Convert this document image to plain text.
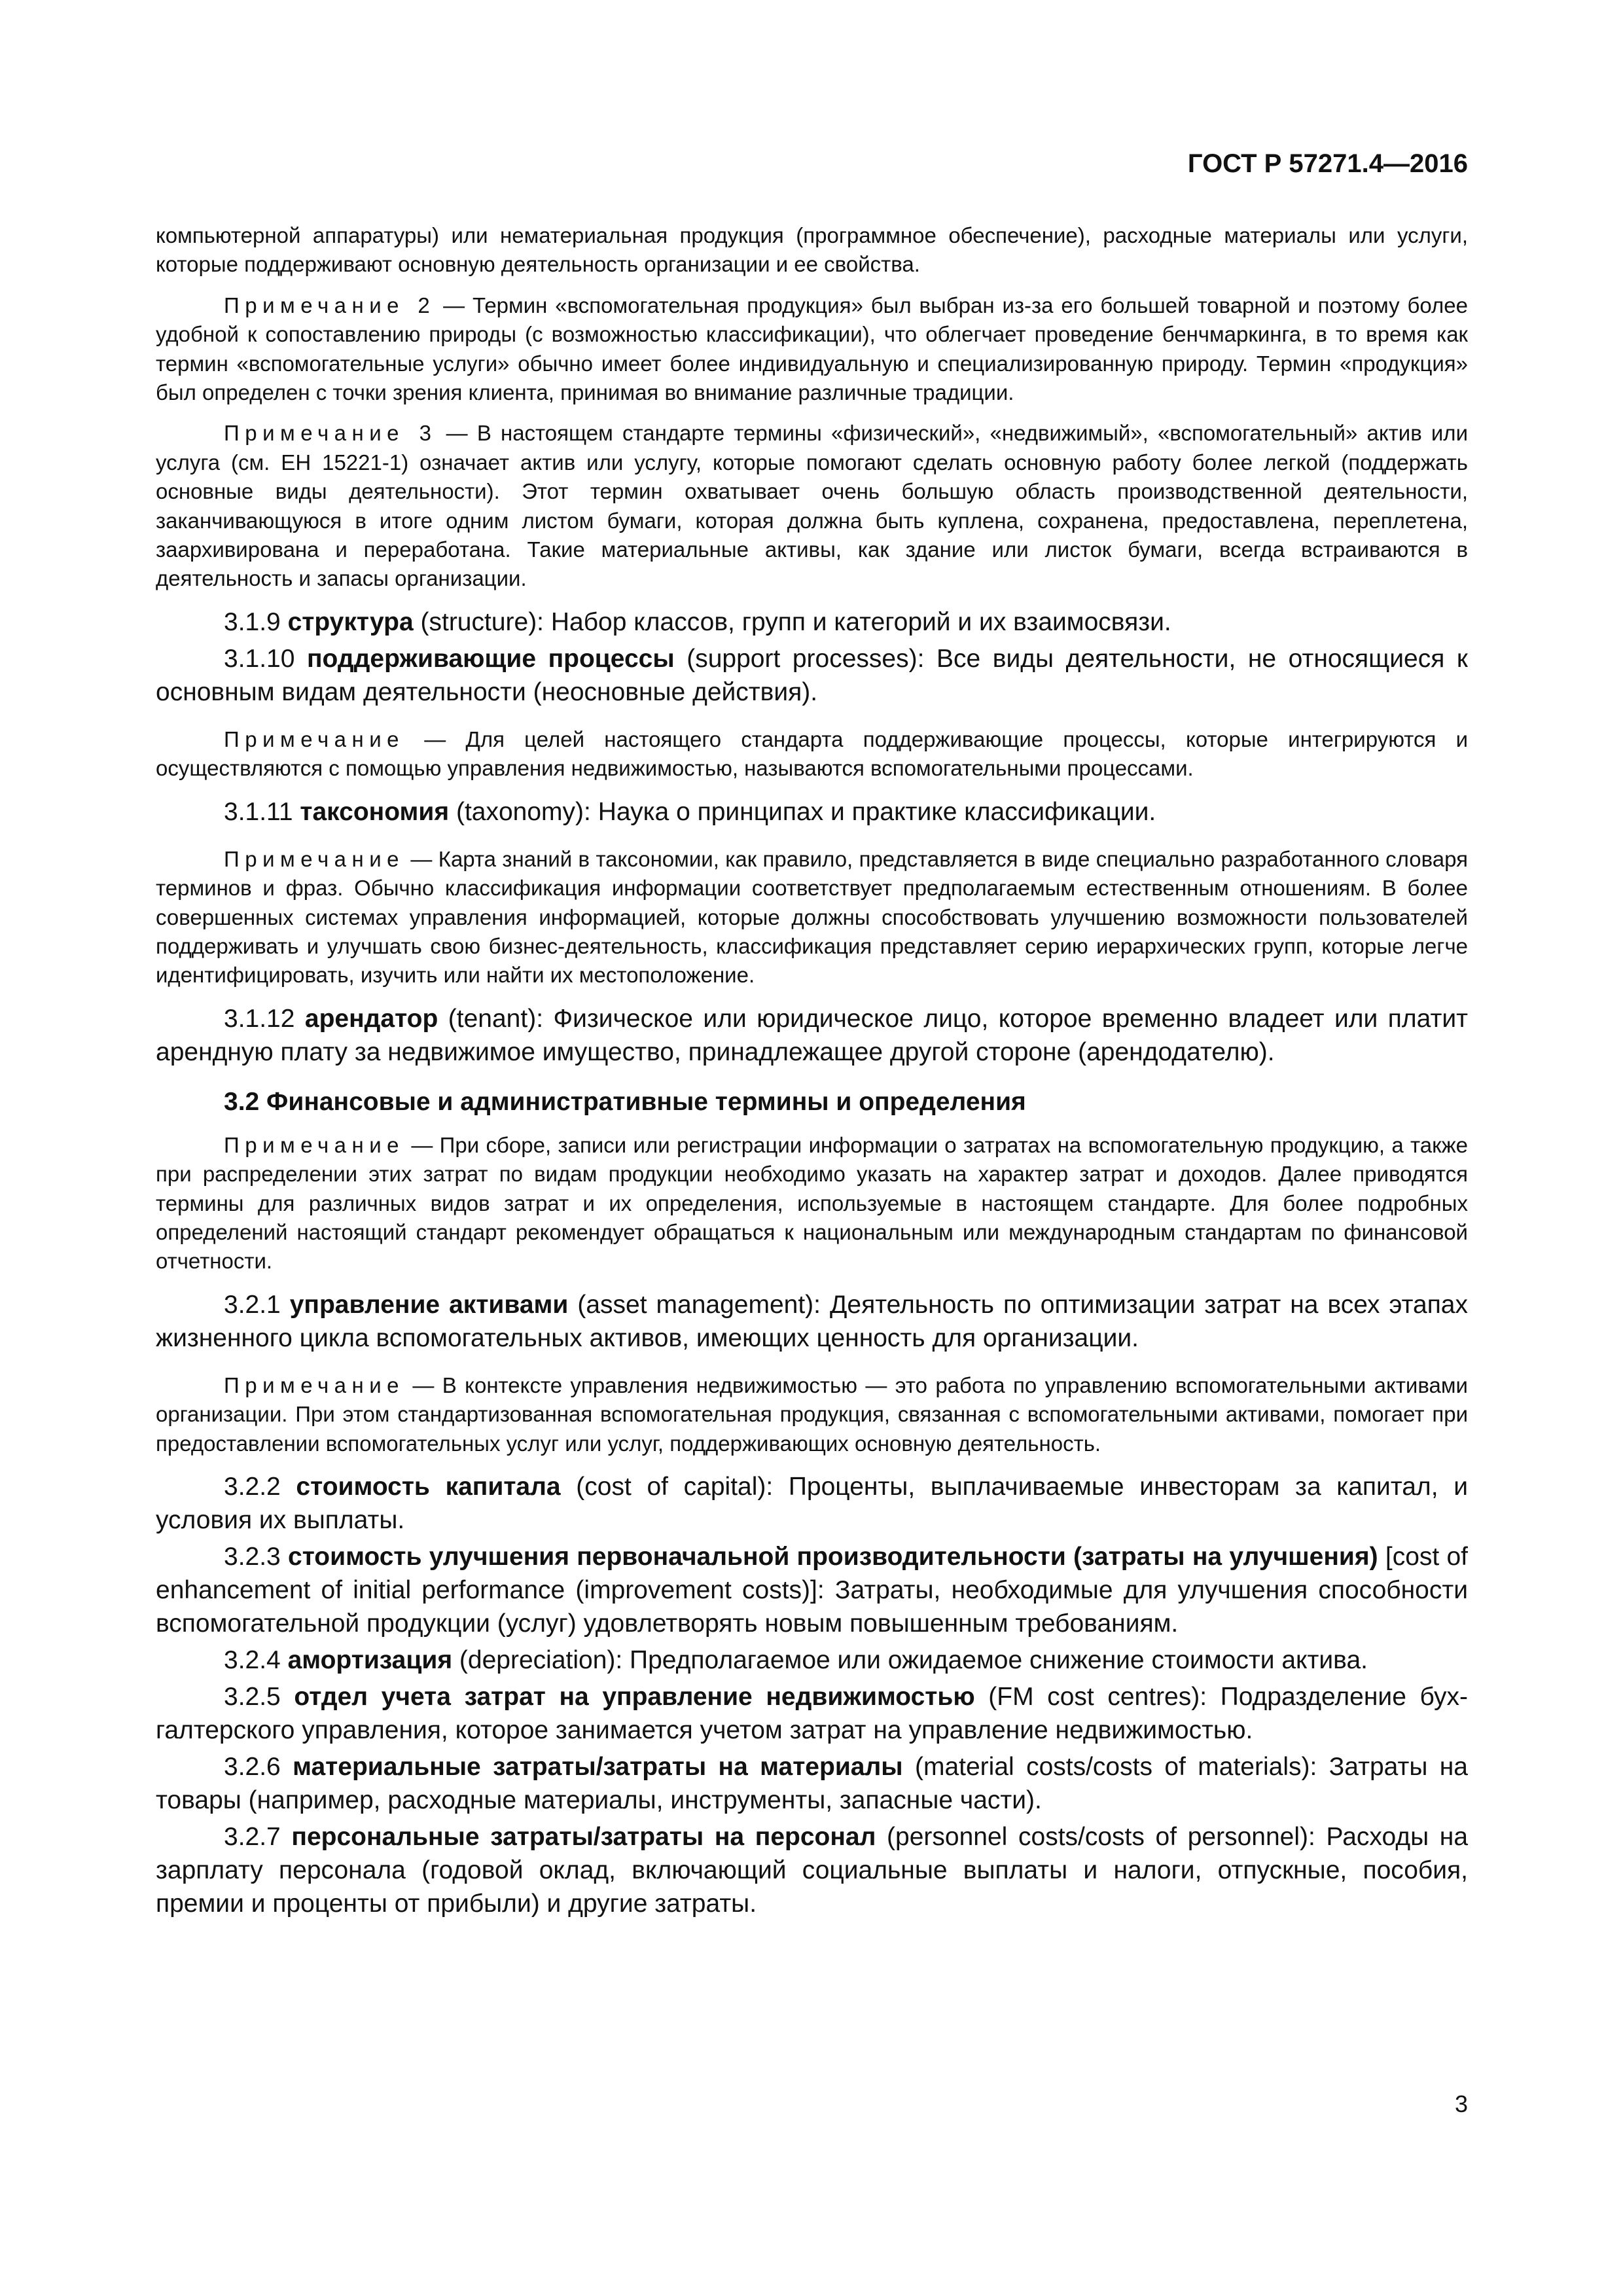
ГОСТ Р 57271.4—2016

компьютерной аппаратуры) или нематериальная продукция (программное обеспечение), расходные материалы или услуги, которые поддерживают основную деятельность организации и ее свойства.

Примечание 2 — Термин «вспомогательная продукция» был выбран из-за его большей товарной и поэтому более удобной к сопоставлению природы (с возможностью классификации), что облегчает проведение бенчмаркинга, в то время как термин «вспомогательные услуги» обычно имеет более индивидуальную и специализированную природу. Термин «продукция» был определен с точки зрения клиента, принимая во внимание различные традиции.

Примечание 3 — В настоящем стандарте термины «физический», «недвижимый», «вспомогательный» актив или услуга (см. ЕН 15221-1) означает актив или услугу, которые помогают сделать основную работу более легкой (поддержать основные виды деятельности). Этот термин охватывает очень большую область производственной деятельности, заканчивающуюся в итоге одним листом бумаги, которая должна быть куплена, сохранена, предоставлена, переплетена, заархивирована и переработана. Такие материальные активы, как здание или листок бумаги, всегда встраиваются в деятельность и запасы организации.

3.1.9 структура (structure): Набор классов, групп и категорий и их взаимосвязи.

3.1.10 поддерживающие процессы (support processes): Все виды деятельности, не относящиеся к основным видам деятельности (неосновные действия).

Примечание — Для целей настоящего стандарта поддерживающие процессы, которые интегрируются и осуществляются с помощью управления недвижимостью, называются вспомогательными процессами.

3.1.11 таксономия (taxonomy): Наука о принципах и практике классификации.

Примечание — Карта знаний в таксономии, как правило, представляется в виде специально разработанного словаря терминов и фраз. Обычно классификация информации соответствует предполагаемым естественным отношениям. В более совершенных системах управления информацией, которые должны способствовать улучшению возможности пользователей поддерживать и улучшать свою бизнес-деятельность, классификация представляет серию иерархических групп, которые легче идентифицировать, изучить или найти их местоположение.

3.1.12 арендатор (tenant): Физическое или юридическое лицо, которое временно владеет или платит арендную плату за недвижимое имущество, принадлежащее другой стороне (арендодателю).

3.2 Финансовые и административные термины и определения

Примечание — При сборе, записи или регистрации информации о затратах на вспомогательную продукцию, а также при распределении этих затрат по видам продукции необходимо указать на характер затрат и доходов. Далее приводятся термины для различных видов затрат и их определения, используемые в настоящем стандарте. Для более подробных определений настоящий стандарт рекомендует обращаться к национальным или международным стандартам по финансовой отчетности.

3.2.1 управление активами (asset management): Деятельность по оптимизации затрат на всех этапах жизненного цикла вспомогательных активов, имеющих ценность для организации.

Примечание — В контексте управления недвижимостью — это работа по управлению вспомогательными активами организации. При этом стандартизованная вспомогательная продукция, связанная с вспомогательными активами, помогает при предоставлении вспомогательных услуг или услуг, поддерживающих основную деятельность.

3.2.2 стоимость капитала (cost of capital): Проценты, выплачиваемые инвесторам за капитал, и условия их выплаты.

3.2.3 стоимость улучшения первоначальной производительности (затраты на улучшения) [cost of enhancement of initial performance (improvement costs)]: Затраты, необходимые для улучшения способности вспомогательной продукции (услуг) удовлетворять новым повышенным требованиям.

3.2.4 амортизация (depreciation): Предполагаемое или ожидаемое снижение стоимости актива.

3.2.5 отдел учета затрат на управление недвижимостью (FM cost centres): Подразделение бухгалтерского управления, которое занимается учетом затрат на управление недвижимостью.

3.2.6 материальные затраты/затраты на материалы (material costs/costs of materials): Затраты на товары (например, расходные материалы, инструменты, запасные части).

3.2.7 персональные затраты/затраты на персонал (personnel costs/costs of personnel): Расходы на зарплату персонала (годовой оклад, включающий социальные выплаты и налоги, отпускные, пособия, премии и проценты от прибыли) и другие затраты.

3
